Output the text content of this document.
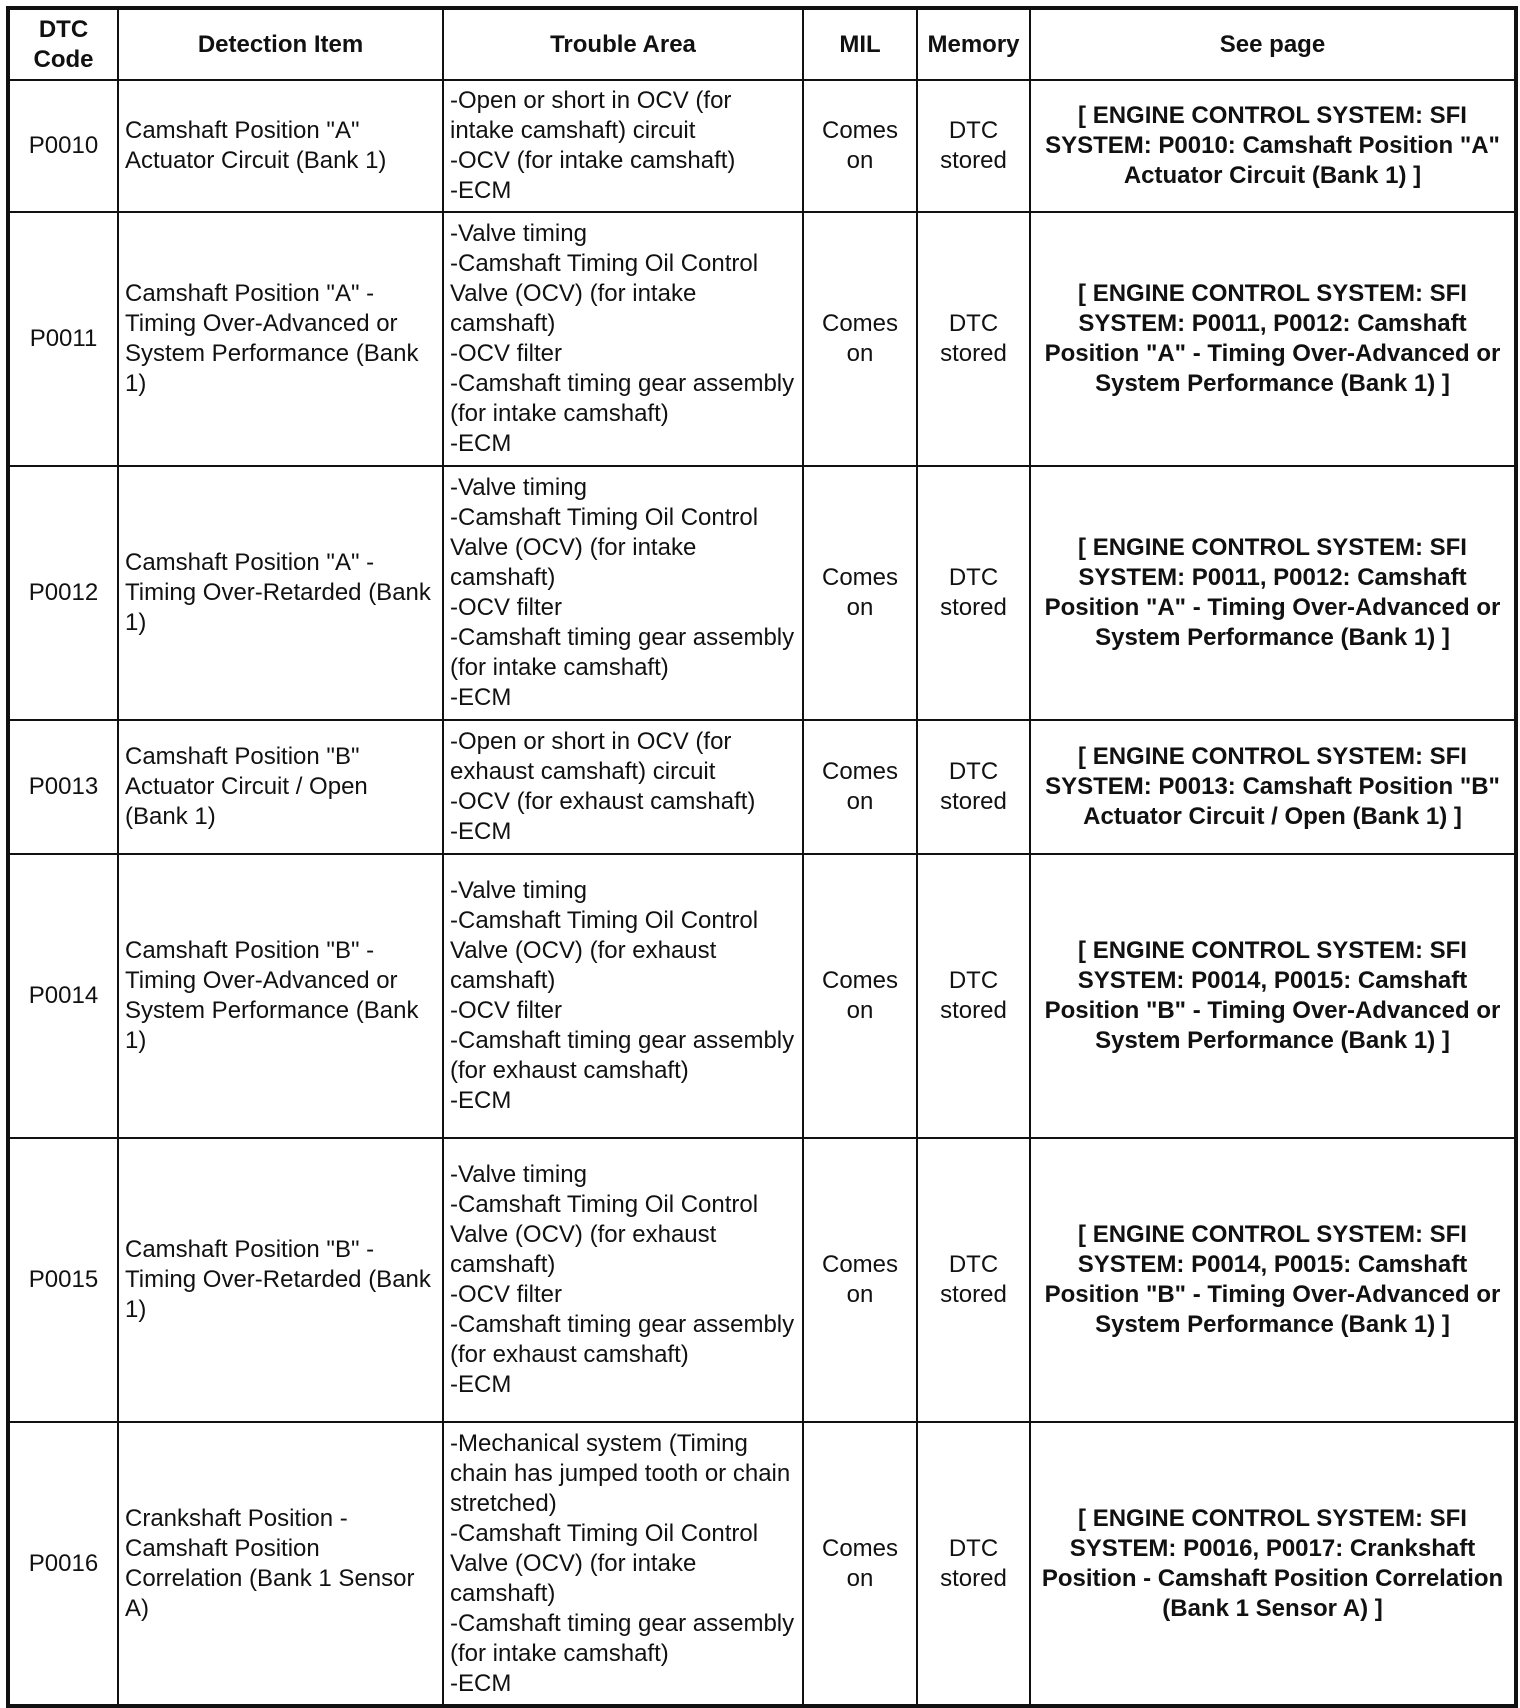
DTC Code	Detection Item	Trouble Area	MIL	Memory	See page
P0010	Camshaft Position "A" Actuator Circuit (Bank 1)	-Open or short in OCV (for intake camshaft) circuit
-OCV (for intake camshaft)
-ECM	Comes on	DTC stored	[ ENGINE CONTROL SYSTEM: SFI SYSTEM: P0010: Camshaft Position "A" Actuator Circuit (Bank 1) ]
P0011	Camshaft Position "A" - Timing Over-Advanced or System Performance (Bank 1)	-Valve timing
-Camshaft Timing Oil Control Valve (OCV) (for intake camshaft)
-OCV filter
-Camshaft timing gear assembly (for intake camshaft)
-ECM	Comes on	DTC stored	[ ENGINE CONTROL SYSTEM: SFI SYSTEM: P0011, P0012: Camshaft Position "A" - Timing Over-Advanced or System Performance (Bank 1) ]
P0012	Camshaft Position "A" - Timing Over-Retarded (Bank 1)	-Valve timing
-Camshaft Timing Oil Control Valve (OCV) (for intake camshaft)
-OCV filter
-Camshaft timing gear assembly (for intake camshaft)
-ECM	Comes on	DTC stored	[ ENGINE CONTROL SYSTEM: SFI SYSTEM: P0011, P0012: Camshaft Position "A" - Timing Over-Advanced or System Performance (Bank 1) ]
P0013	Camshaft Position "B" Actuator Circuit / Open (Bank 1)	-Open or short in OCV (for exhaust camshaft) circuit
-OCV (for exhaust camshaft)
-ECM	Comes on	DTC stored	[ ENGINE CONTROL SYSTEM: SFI SYSTEM: P0013: Camshaft Position "B" Actuator Circuit / Open (Bank 1) ]
P0014	Camshaft Position "B" - Timing Over-Advanced or System Performance (Bank 1)	-Valve timing
-Camshaft Timing Oil Control Valve (OCV) (for exhaust camshaft)
-OCV filter
-Camshaft timing gear assembly (for exhaust camshaft)
-ECM	Comes on	DTC stored	[ ENGINE CONTROL SYSTEM: SFI SYSTEM: P0014, P0015: Camshaft Position "B" - Timing Over-Advanced or System Performance (Bank 1) ]
P0015	Camshaft Position "B" - Timing Over-Retarded (Bank 1)	-Valve timing
-Camshaft Timing Oil Control Valve (OCV) (for exhaust camshaft)
-OCV filter
-Camshaft timing gear assembly (for exhaust camshaft)
-ECM	Comes on	DTC stored	[ ENGINE CONTROL SYSTEM: SFI SYSTEM: P0014, P0015: Camshaft Position "B" - Timing Over-Advanced or System Performance (Bank 1) ]
P0016	Crankshaft Position - Camshaft Position Correlation (Bank 1 Sensor A)	-Mechanical system (Timing chain has jumped tooth or chain stretched)
-Camshaft Timing Oil Control Valve (OCV) (for intake camshaft)
-Camshaft timing gear assembly (for intake camshaft)
-ECM	Comes on	DTC stored	[ ENGINE CONTROL SYSTEM: SFI SYSTEM: P0016, P0017: Crankshaft Position - Camshaft Position Correlation (Bank 1 Sensor A) ]
